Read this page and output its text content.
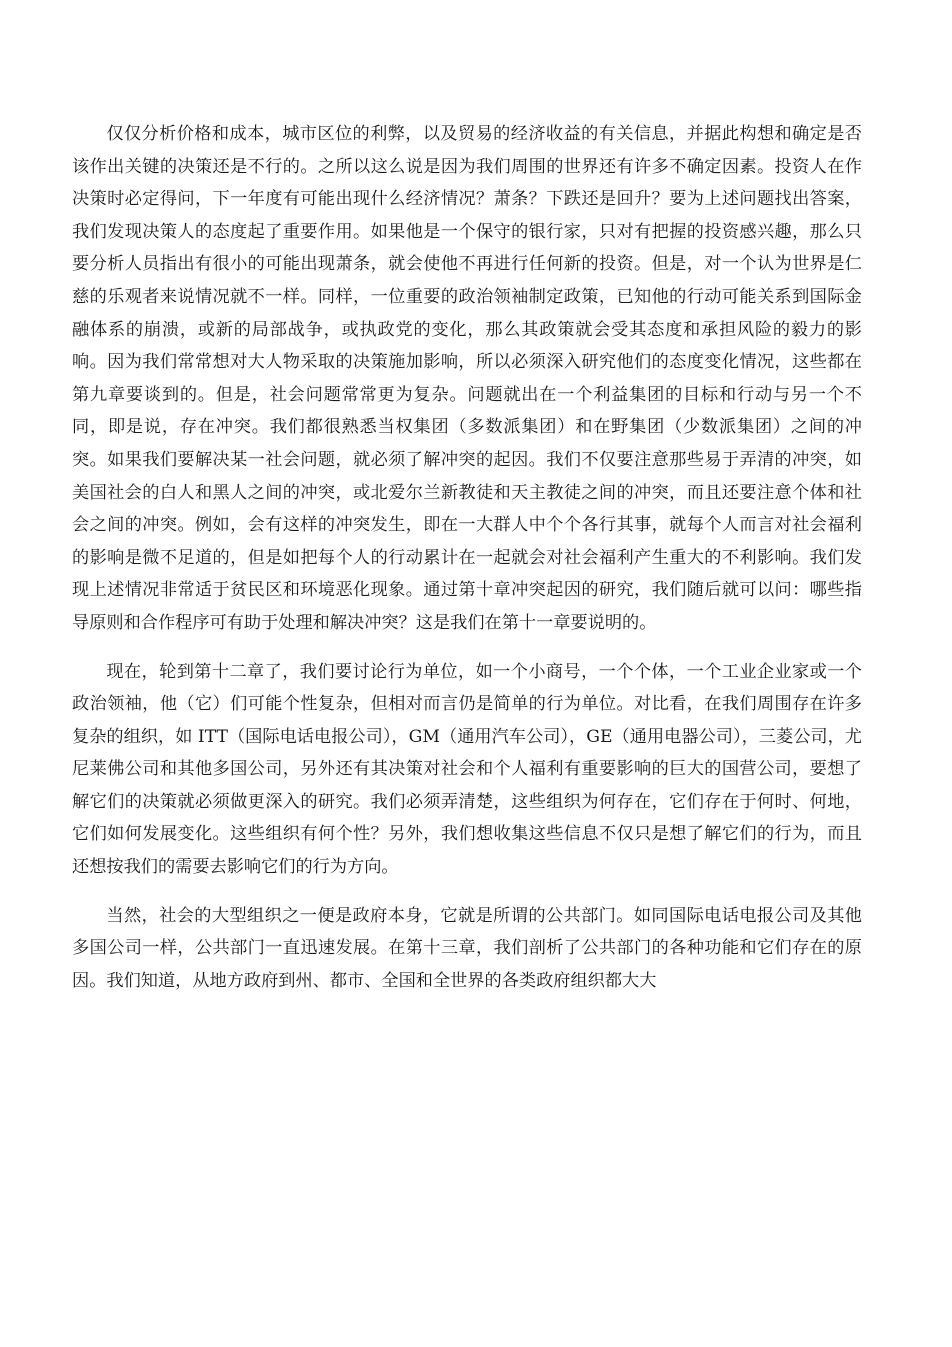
仅仅分析价格和成本，城市区位的利弊，以及贸易的经济收益的有关信息，并据此构想和确定是否该作出关键的决策还是不行的。之所以这么说是因为我们周围的世界还有许多不确定因素。投资人在作决策时必定得问，下一年度有可能出现什么经济情况？萧条？下跌还是回升？要为上述问题找出答案，我们发现决策人的态度起了重要作用。如果他是一个保守的银行家，只对有把握的投资感兴趣，那么只要分析人员指出有很小的可能出现萧条，就会使他不再进行任何新的投资。但是，对一个认为世界是仁慈的乐观者来说情况就不一样。同样，一位重要的政治领袖制定政策，已知他的行动可能关系到国际金融体系的崩溃，或新的局部战争，或执政党的变化，那么其政策就会受其态度和承担风险的毅力的影响。因为我们常常想对大人物采取的决策施加影响，所以必须深入研究他们的态度变化情况，这些都在第九章要谈到的。但是，社会问题常常更为复杂。问题就出在一个利益集团的目标和行动与另一个不同，即是说，存在冲突。我们都很熟悉当权集团（多数派集团）和在野集团（少数派集团）之间的冲突。如果我们要解决某一社会问题，就必须了解冲突的起因。我们不仅要注意那些易于弄清的冲突，如美国社会的白人和黑人之间的冲突，或北爱尔兰新教徒和天主教徒之间的冲突，而且还要注意个体和社会之间的冲突。例如，会有这样的冲突发生，即在一大群人中个个各行其事，就每个人而言对社会福利的影响是微不足道的，但是如把每个人的行动累计在一起就会对社会福利产生重大的不利影响。我们发现上述情况非常适于贫民区和环境恶化现象。通过第十章冲突起因的研究，我们随后就可以问：哪些指导原则和合作程序可有助于处理和解决冲突？这是我们在第十一章要说明的。

现在，轮到第十二章了，我们要讨论行为单位，如一个小商号，一个个体，一个工业企业家或一个政治领袖，他（它）们可能个性复杂，但相对而言仍是简单的行为单位。对比看，在我们周围存在许多复杂的组织，如 ITT（国际电话电报公司），GM（通用汽车公司），GE（通用电器公司），三菱公司，尤尼莱佛公司和其他多国公司，另外还有其决策对社会和个人福利有重要影响的巨大的国营公司，要想了解它们的决策就必须做更深入的研究。我们必须弄清楚，这些组织为何存在，它们存在于何时、何地，它们如何发展变化。这些组织有何个性？另外，我们想收集这些信息不仅只是想了解它们的行为，而且还想按我们的需要去影响它们的行为方向。

当然，社会的大型组织之一便是政府本身，它就是所谓的公共部门。如同国际电话电报公司及其他多国公司一样，公共部门一直迅速发展。在第十三章，我们剖析了公共部门的各种功能和它们存在的原因。我们知道，从地方政府到州、都市、全国和全世界的各类政府组织都大大
